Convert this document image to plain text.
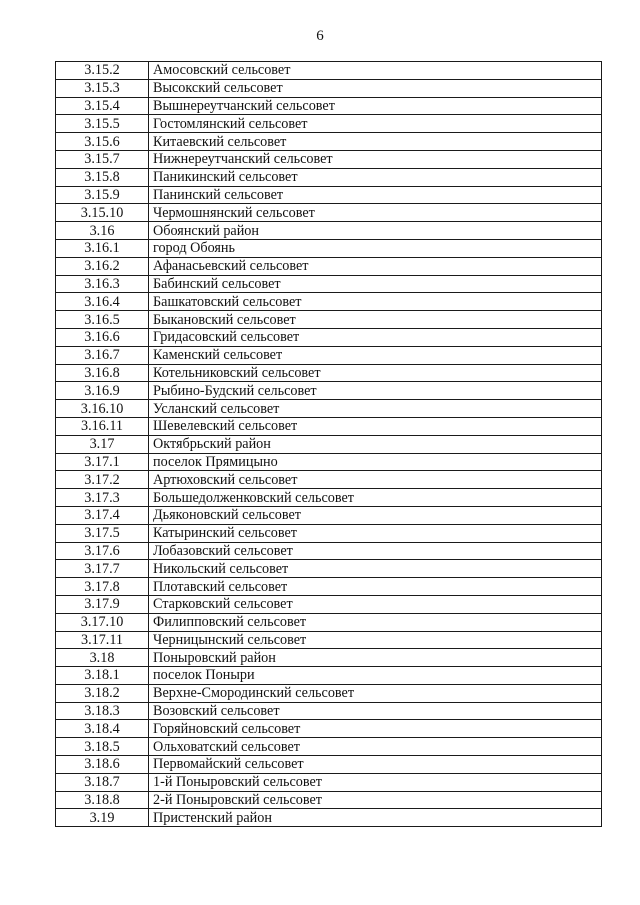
6
3.15.2	Амосовский сельсовет
3.15.3	Высокский сельсовет
3.15.4	Вышнереутчанский сельсовет
3.15.5	Гостомлянский сельсовет
3.15.6	Китаевский сельсовет
3.15.7	Нижнереутчанский сельсовет
3.15.8	Паникинский сельсовет
3.15.9	Панинский сельсовет
3.15.10	Чермошнянский сельсовет
3.16	Обоянский район
3.16.1	город Обоянь
3.16.2	Афанасьевский сельсовет
3.16.3	Бабинский сельсовет
3.16.4	Башкатовский сельсовет
3.16.5	Быкановский сельсовет
3.16.6	Гридасовский сельсовет
3.16.7	Каменский сельсовет
3.16.8	Котельниковский сельсовет
3.16.9	Рыбино-Будский сельсовет
3.16.10	Усланский сельсовет
3.16.11	Шевелевский сельсовет
3.17	Октябрьский район
3.17.1	поселок Прямицыно
3.17.2	Артюховский сельсовет
3.17.3	Большедолженковский сельсовет
3.17.4	Дьяконовский сельсовет
3.17.5	Катыринский сельсовет
3.17.6	Лобазовский сельсовет
3.17.7	Никольский сельсовет
3.17.8	Плотавский сельсовет
3.17.9	Старковский сельсовет
3.17.10	Филипповский сельсовет
3.17.11	Черницынский сельсовет
3.18	Поныровский район
3.18.1	поселок Поныри
3.18.2	Верхне-Смородинский сельсовет
3.18.3	Возовский сельсовет
3.18.4	Горяйновский сельсовет
3.18.5	Ольховатский сельсовет
3.18.6	Первомайский сельсовет
3.18.7	1-й Поныровский сельсовет
3.18.8	2-й Поныровский сельсовет
3.19	Пристенский район
